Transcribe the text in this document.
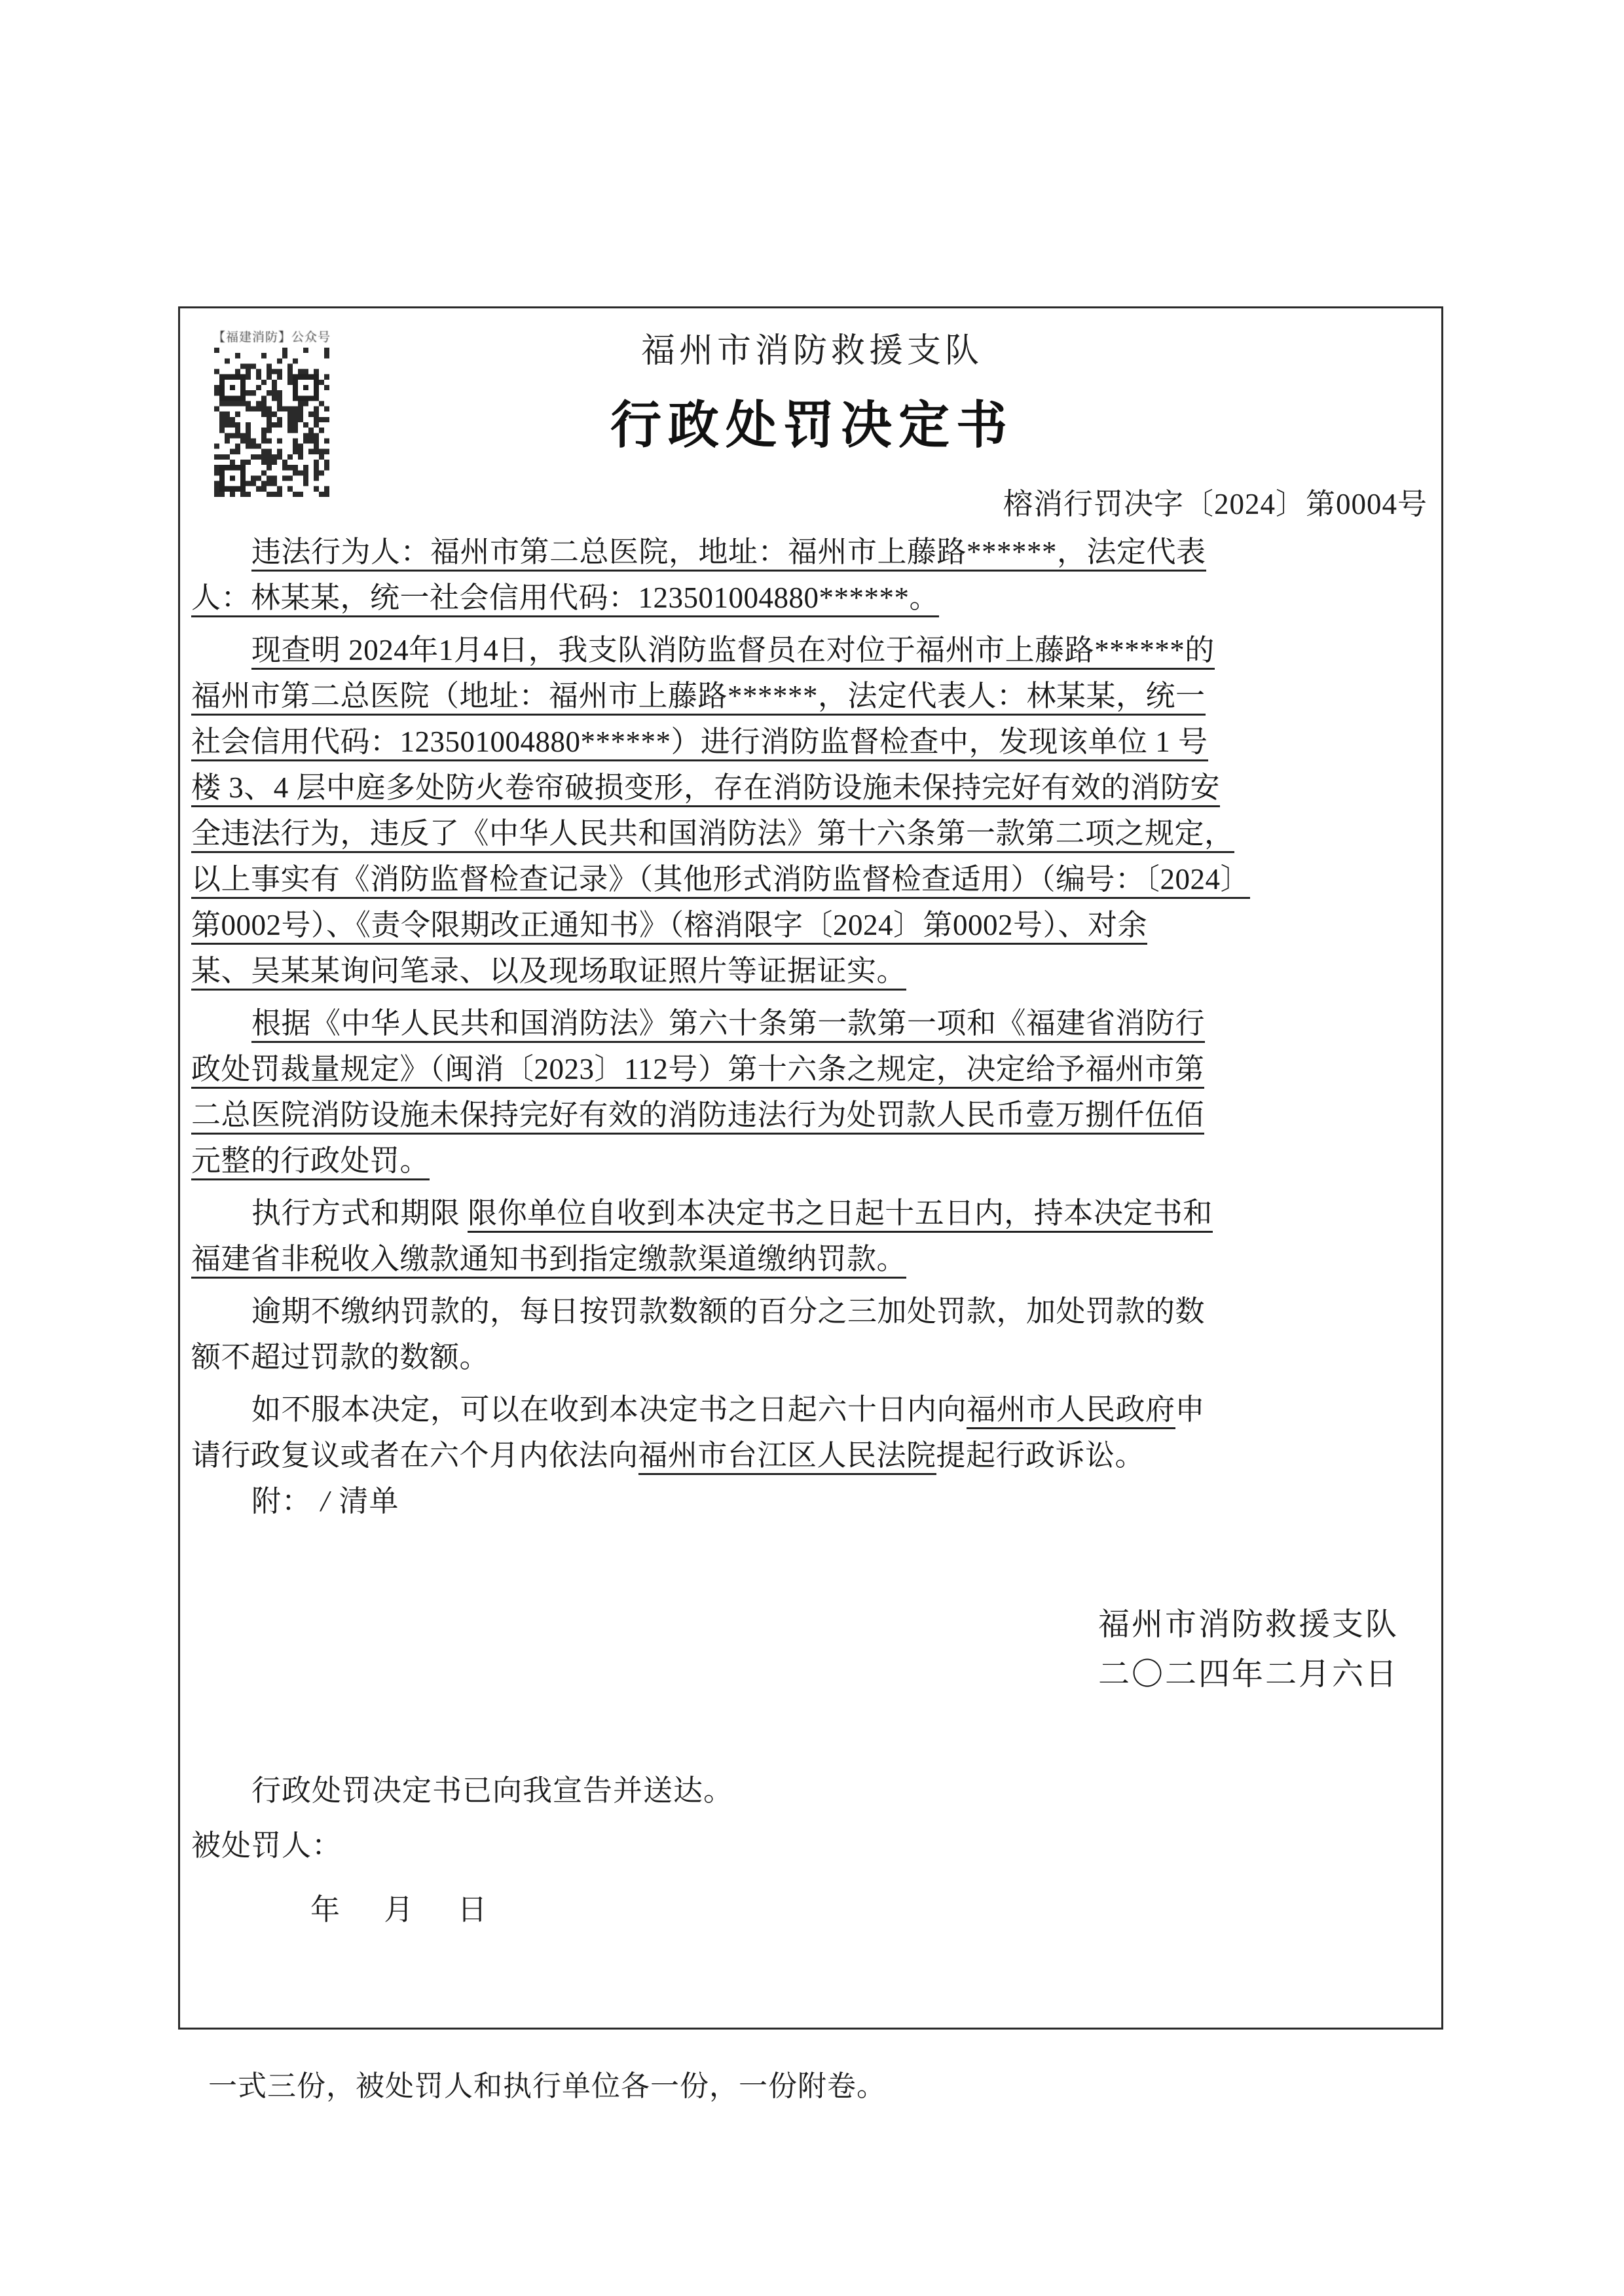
【福建消防】公众号	福州市消防救援支队
行政处罚决定书
榕消行罚决字〔2024〕第0004号
违法行为人：福州市第二总医院，地址：福州市上藤路******，法定代表
人：林某某，统一社会信用代码：123501004880******。
现查明 2024年1月4日，我支队消防监督员在对位于福州市上藤路******的
福州市第二总医院（地址：福州市上藤路******，法定代表人：林某某，统一
社会信用代码：123501004880******）进行消防监督检查中，发现该单位 1 号
楼 3、4 层中庭多处防火卷帘破损变形，存在消防设施未保持完好有效的消防安
全违法行为，违反了《中华人民共和国消防法》第十六条第一款第二项之规定，
以上事实有《消防监督检查记录》（其他形式消防监督检查适用）（编号：〔2024〕
第0002号）、《责令限期改正通知书》（榕消限字〔2024〕第0002号）、对余
某、吴某某询问笔录、以及现场取证照片等证据证实。
根据《中华人民共和国消防法》第六十条第一款第一项和《福建省消防行
政处罚裁量规定》（闽消〔2023〕112号）第十六条之规定，决定给予福州市第
二总医院消防设施未保持完好有效的消防违法行为处罚款人民币壹万捌仟伍佰
元整的行政处罚。
执行方式和期限 限你单位自收到本决定书之日起十五日内，持本决定书和
福建省非税收入缴款通知书到指定缴款渠道缴纳罚款。
逾期不缴纳罚款的，每日按罚款数额的百分之三加处罚款，加处罚款的数
额不超过罚款的数额。
如不服本决定，可以在收到本决定书之日起六十日内向福州市人民政府申
请行政复议或者在六个月内依法向福州市台江区人民法院提起行政诉讼。
附： / 清单
福州市消防救援支队
二〇二四年二月六日
行政处罚决定书已向我宣告并送达。
被处罚人：
年 月 日
一式三份，被处罚人和执行单位各一份，一份附卷。
